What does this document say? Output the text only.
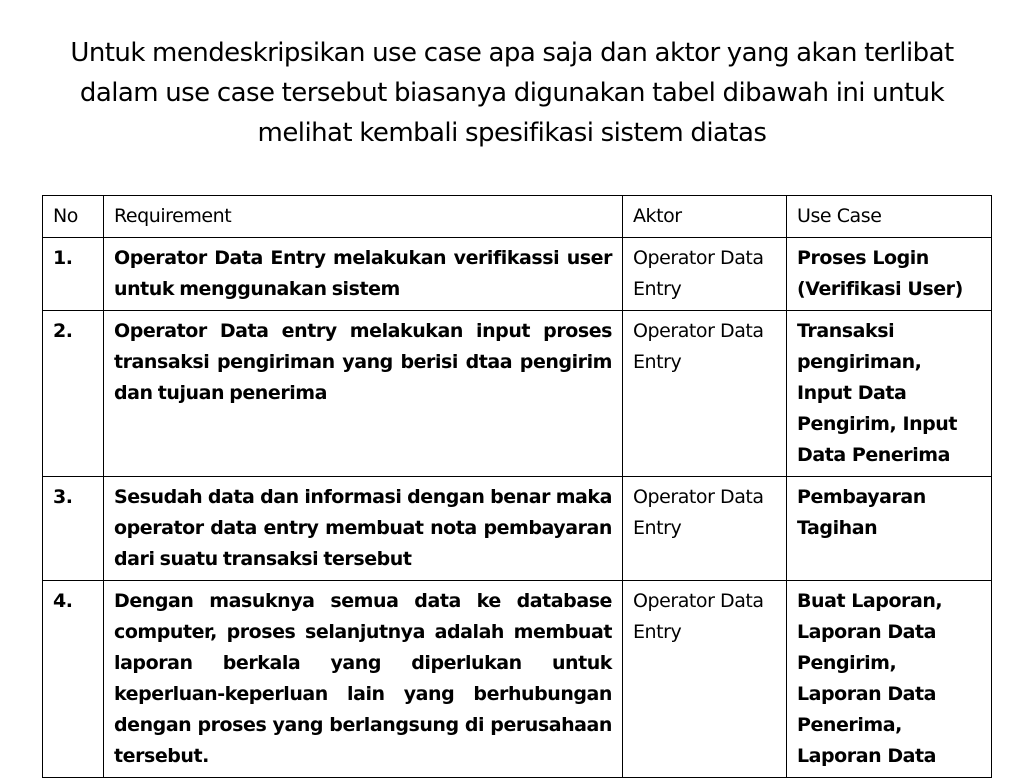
Untuk mendeskripsikan use case apa saja dan aktor yang akan terlibat dalam use case tersebut biasanya digunakan tabel dibawah ini untuk melihat kembali spesifikasi sistem diatas
No	Requirement	Aktor	Use Case
1.	Operator Data Entry melakukan verifikassi user untuk menggunakan sistem	Operator Data Entry	Proses Login (Verifikasi User)
2.	Operator Data entry melakukan input proses transaksi pengiriman yang berisi dtaa pengirim dan tujuan penerima	Operator Data Entry	Transaksi pengiriman, Input Data Pengirim, Input Data Penerima
3.	Sesudah data dan informasi dengan benar maka operator data entry membuat nota pembayaran dari suatu transaksi tersebut	Operator Data Entry	Pembayaran Tagihan
4.	Dengan masuknya semua data ke database computer, proses selanjutnya adalah membuat laporan berkala yang diperlukan untuk keperluan-keperluan lain yang berhubungan dengan proses yang berlangsung di perusahaan tersebut.	Operator Data Entry	Buat Laporan, Laporan Data Pengirim, Laporan Data Penerima, Laporan Data
